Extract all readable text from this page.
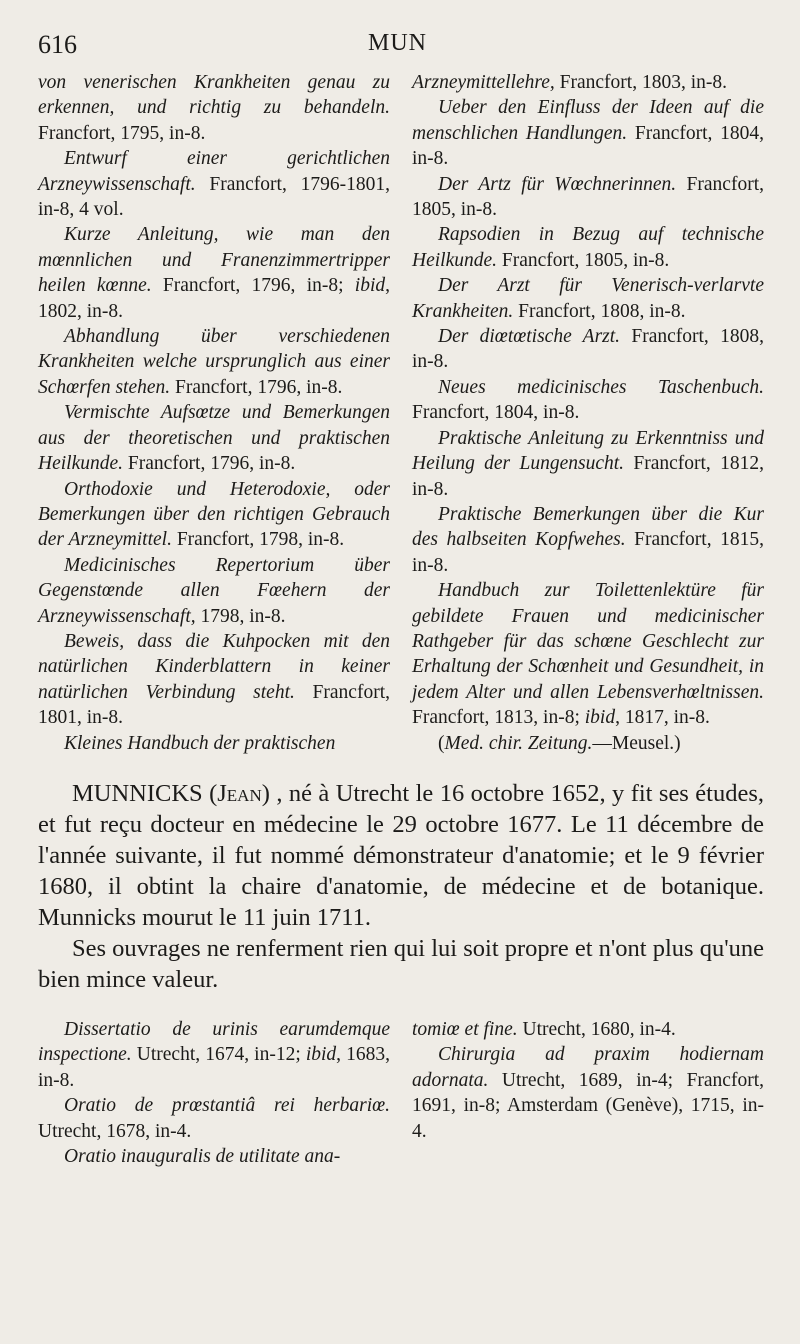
616	MUN

von venerischen Krankheiten genau zu erkennen, und richtig zu behandeln. Francfort, 1795, in-8.

Entwurf einer gerichtlichen Arzneywissenschaft. Francfort, 1796-1801, in-8, 4 vol.

Kurze Anleitung, wie man den mœnnlichen und Franenzimmertripper heilen kœnne. Francfort, 1796, in-8; ibid, 1802, in-8.

Abhandlung über verschiedenen Krankheiten welche ursprunglich aus einer Schœrfen stehen. Francfort, 1796, in-8.

Vermischte Aufsœtze und Bemerkungen aus der theoretischen und praktischen Heilkunde. Francfort, 1796, in-8.

Orthodoxie und Heterodoxie, oder Bemerkungen über den richtigen Gebrauch der Arzneymittel. Francfort, 1798, in-8.

Medicinisches Repertorium über Gegenstœnde allen Fœehern der Arzneywissenschaft, 1798, in-8.

Beweis, dass die Kuhpocken mit den natürlichen Kinderblattern in keiner natürlichen Verbindung steht. Francfort, 1801, in-8.

Kleines Handbuch der praktischen

Arzneymittellehre, Francfort, 1803, in-8.

Ueber den Einfluss der Ideen auf die menschlichen Handlungen. Francfort, 1804, in-8.

Der Artz für Wœchnerinnen. Francfort, 1805, in-8.

Rapsodien in Bezug auf technische Heilkunde. Francfort, 1805, in-8.

Der Arzt für Venerisch-verlarvte Krankheiten. Francfort, 1808, in-8.

Der diœtœtische Arzt. Francfort, 1808, in-8.

Neues medicinisches Taschenbuch. Francfort, 1804, in-8.

Praktische Anleitung zu Erkenntniss und Heilung der Lungensucht. Francfort, 1812, in-8.

Praktische Bemerkungen über die Kur des halbseiten Kopfwehes. Francfort, 1815, in-8.

Handbuch zur Toilettenlektüre für gebildete Frauen und medicinischer Rathgeber für das schœne Geschlecht zur Erhaltung der Schœnheit und Gesundheit, in jedem Alter und allen Lebensverhœltnissen. Francfort, 1813, in-8; ibid, 1817, in-8.

(Med. chir. Zeitung.—Meusel.)

MUNNICKS (Jean) , né à Utrecht le 16 octobre 1652, y fit ses études, et fut reçu docteur en médecine le 29 octobre 1677. Le 11 décembre de l'année suivante, il fut nommé démonstrateur d'anatomie; et le 9 février 1680, il obtint la chaire d'anatomie, de médecine et de botanique. Munnicks mourut le 11 juin 1711.

Ses ouvrages ne renferment rien qui lui soit propre et n'ont plus qu'une bien mince valeur.

Dissertatio de urinis earumdemque inspectione. Utrecht, 1674, in-12; ibid, 1683, in-8.

Oratio de prœstantiâ rei herbariœ. Utrecht, 1678, in-4.

Oratio inauguralis de utilitate ana-

tomiœ et fine. Utrecht, 1680, in-4.

Chirurgia ad praxim hodiernam adornata. Utrecht, 1689, in-4; Francfort, 1691, in-8; Amsterdam (Genève), 1715, in-4.
